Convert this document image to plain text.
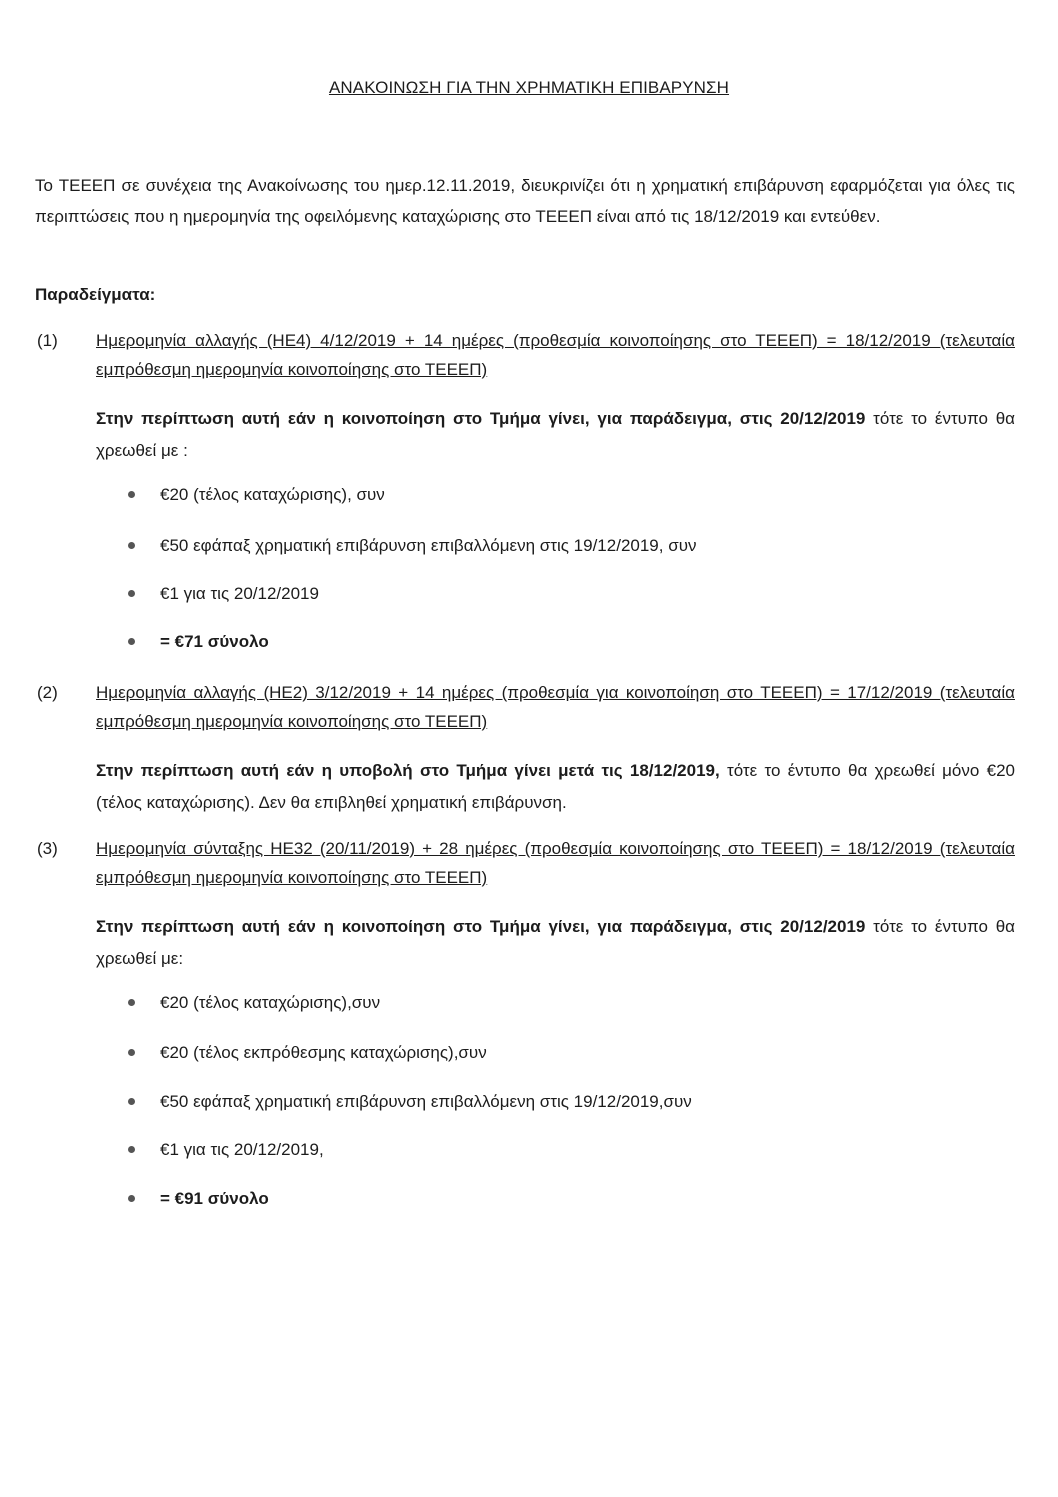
ΑΝΑΚΟΙΝΩΣΗ ΓΙΑ ΤΗΝ ΧΡΗΜΑΤΙΚΗ ΕΠΙΒΑΡΥΝΣΗ
Το ΤΕΕΕΠ σε συνέχεια της Ανακοίνωσης του ημερ.12.11.2019, διευκρινίζει ότι η χρηματική επιβάρυνση εφαρμόζεται για όλες τις περιπτώσεις που η ημερομηνία της οφειλόμενης καταχώρισης στο ΤΕΕΕΠ είναι από τις 18/12/2019 και εντεύθεν.
Παραδείγματα:
(1) Ημερομηνία αλλαγής (ΗΕ4) 4/12/2019 + 14 ημέρες (προθεσμία κοινοποίησης στο ΤΕΕΕΠ) = 18/12/2019 (τελευταία εμπρόθεσμη ημερομηνία κοινοποίησης στο ΤΕΕΕΠ)
Στην περίπτωση αυτή εάν η κοινοποίηση στο Τμήμα γίνει, για παράδειγμα, στις 20/12/2019 τότε το έντυπο θα χρεωθεί με :
€20 (τέλος καταχώρισης), συν
€50 εφάπαξ χρηματική επιβάρυνση επιβαλλόμενη στις 19/12/2019, συν
€1 για τις 20/12/2019
= €71 σύνολο
(2) Ημερομηνία αλλαγής (ΗΕ2) 3/12/2019 + 14 ημέρες (προθεσμία για κοινοποίηση στο ΤΕΕΕΠ) = 17/12/2019 (τελευταία εμπρόθεσμη ημερομηνία κοινοποίησης στο ΤΕΕΕΠ)
Στην περίπτωση αυτή εάν η υποβολή στο Τμήμα γίνει μετά τις 18/12/2019, τότε το έντυπο θα χρεωθεί μόνο €20 (τέλος καταχώρισης). Δεν θα επιβληθεί χρηματική επιβάρυνση.
(3) Ημερομηνία σύνταξης ΗΕ32 (20/11/2019) + 28 ημέρες (προθεσμία κοινοποίησης στο ΤΕΕΕΠ) = 18/12/2019 (τελευταία εμπρόθεσμη ημερομηνία κοινοποίησης στο ΤΕΕΕΠ)
Στην περίπτωση αυτή εάν η κοινοποίηση στο Τμήμα γίνει, για παράδειγμα, στις 20/12/2019 τότε το έντυπο θα χρεωθεί με:
€20 (τέλος καταχώρισης),συν
€20 (τέλος εκπρόθεσμης καταχώρισης),συν
€50 εφάπαξ χρηματική επιβάρυνση επιβαλλόμενη στις 19/12/2019,συν
€1 για τις 20/12/2019,
= €91 σύνολο
